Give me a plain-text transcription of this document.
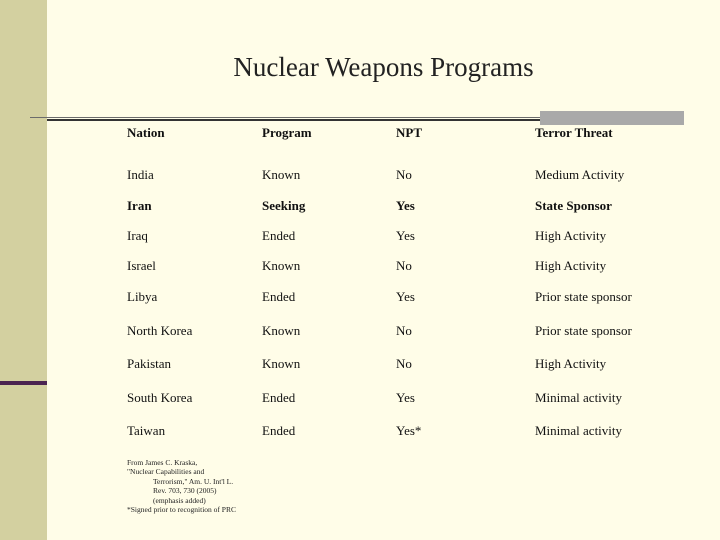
Nuclear Weapons Programs
Nation	Program	NPT	Terror Threat
India	Known	No	Medium Activity
Iran	Seeking	Yes	State Sponsor
Iraq	Ended	Yes	High Activity
Israel	Known	No	High Activity
Libya	Ended	Yes	Prior state sponsor
North Korea	Known	No	Prior state sponsor
Pakistan	Known	No	High Activity
South Korea	Ended	Yes	Minimal activity
Taiwan	Ended	Yes*	Minimal activity
From James C. Kraska,
"Nuclear Capabilities and
Terrorism," Am. U. Int'l L.
Rev. 703, 730 (2005)
(emphasis added)
*Signed prior to recognition of PRC
